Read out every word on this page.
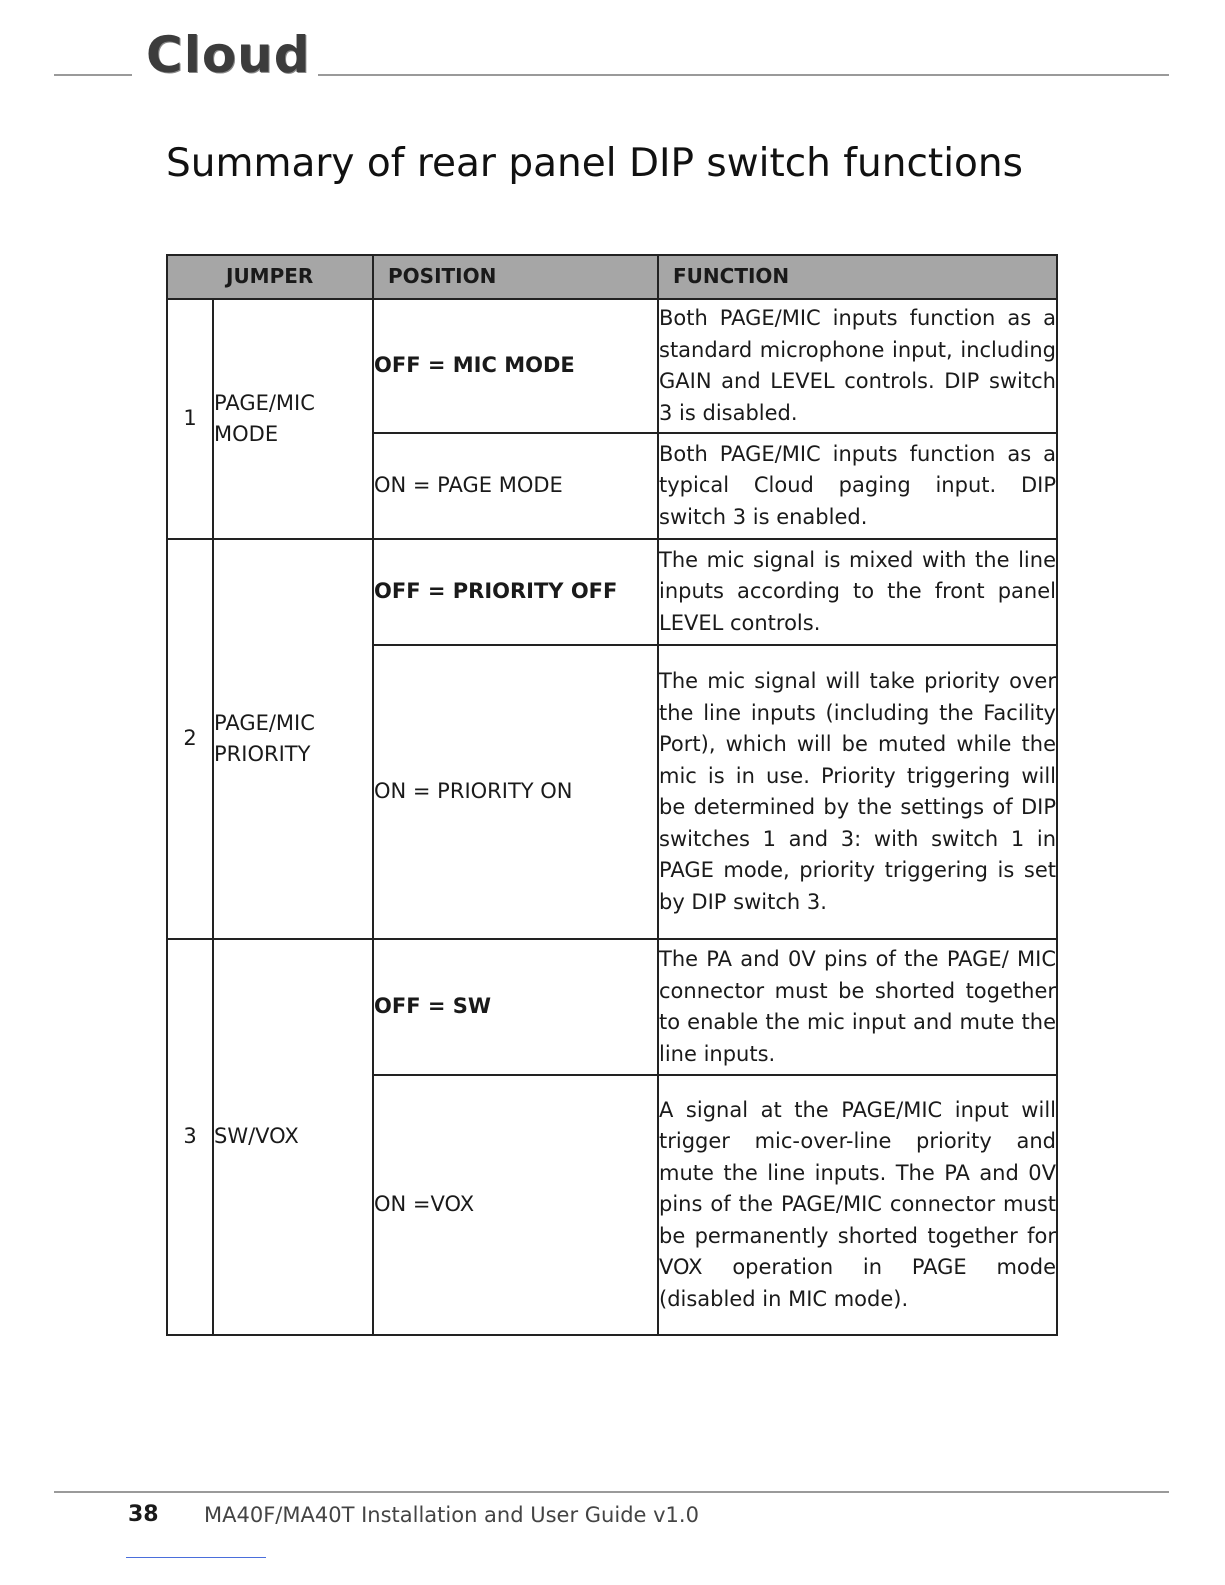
Cloud
Summary of rear panel DIP switch functions
JUMPER		POSITION	FUNCTION
1	PAGE/MIC MODE	OFF = MIC MODE	Both PAGE/MIC inputs function as a standard microphone input, including GAIN and LEVEL controls. DIP switch 3 is disabled.
		ON = PAGE MODE	Both PAGE/MIC inputs function as a typical Cloud paging input. DIP switch 3 is enabled.
2	PAGE/MIC PRIORITY	OFF = PRIORITY OFF	The mic signal is mixed with the line inputs according to the front panel LEVEL controls.
		ON = PRIORITY ON	The mic signal will take priority over the line inputs (including the Facility Port), which will be muted while the mic is in use. Priority triggering will be determined by the settings of DIP switches 1 and 3: with switch 1 in PAGE mode, priority triggering is set by DIP switch 3.
3	SW/VOX	OFF = SW	The PA and 0V pins of the PAGE/ MIC connector must be shorted together to enable the mic input and mute the line inputs.
		ON =VOX	A signal at the PAGE/MIC input will trigger mic-over-line priority and mute the line inputs. The PA and 0V pins of the PAGE/MIC connector must be permanently shorted together for VOX operation in PAGE mode (disabled in MIC mode).
38 MA40F/MA40T Installation and User Guide v1.0
